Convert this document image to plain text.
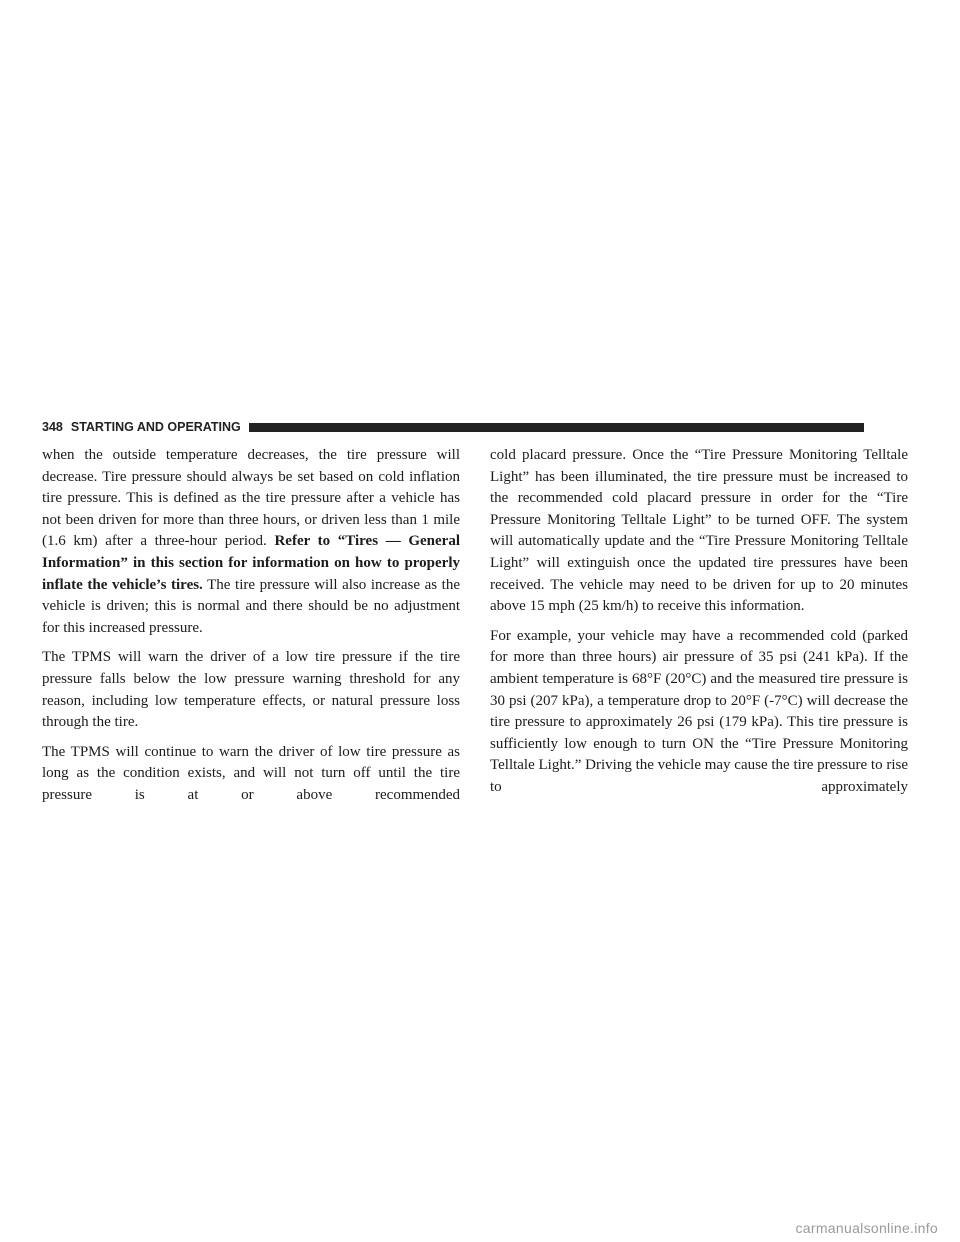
348 STARTING AND OPERATING

when the outside temperature decreases, the tire pressure will decrease. Tire pressure should always be set based on cold inflation tire pressure. This is defined as the tire pressure after a vehicle has not been driven for more than three hours, or driven less than 1 mile (1.6 km) after a three-hour period. Refer to “Tires — General Information” in this section for information on how to properly inflate the vehicle’s tires. The tire pressure will also increase as the vehicle is driven; this is normal and there should be no adjustment for this increased pressure.

The TPMS will warn the driver of a low tire pressure if the tire pressure falls below the low pressure warning threshold for any reason, including low temperature effects, or natural pressure loss through the tire.

The TPMS will continue to warn the driver of low tire pressure as long as the condition exists, and will not turn off until the tire pressure is at or above recommended

cold placard pressure. Once the “Tire Pressure Monitoring Telltale Light” has been illuminated, the tire pressure must be increased to the recommended cold placard pressure in order for the “Tire Pressure Monitoring Telltale Light” to be turned OFF. The system will automatically update and the “Tire Pressure Monitoring Telltale Light” will extinguish once the updated tire pressures have been received. The vehicle may need to be driven for up to 20 minutes above 15 mph (25 km/h) to receive this information.

For example, your vehicle may have a recommended cold (parked for more than three hours) air pressure of 35 psi (241 kPa). If the ambient temperature is 68°F (20°C) and the measured tire pressure is 30 psi (207 kPa), a temperature drop to 20°F (-7°C) will decrease the tire pressure to approximately 26 psi (179 kPa). This tire pressure is sufficiently low enough to turn ON the “Tire Pressure Monitoring Telltale Light.” Driving the vehicle may cause the tire pressure to rise to approximately

carmanualsonline.info
